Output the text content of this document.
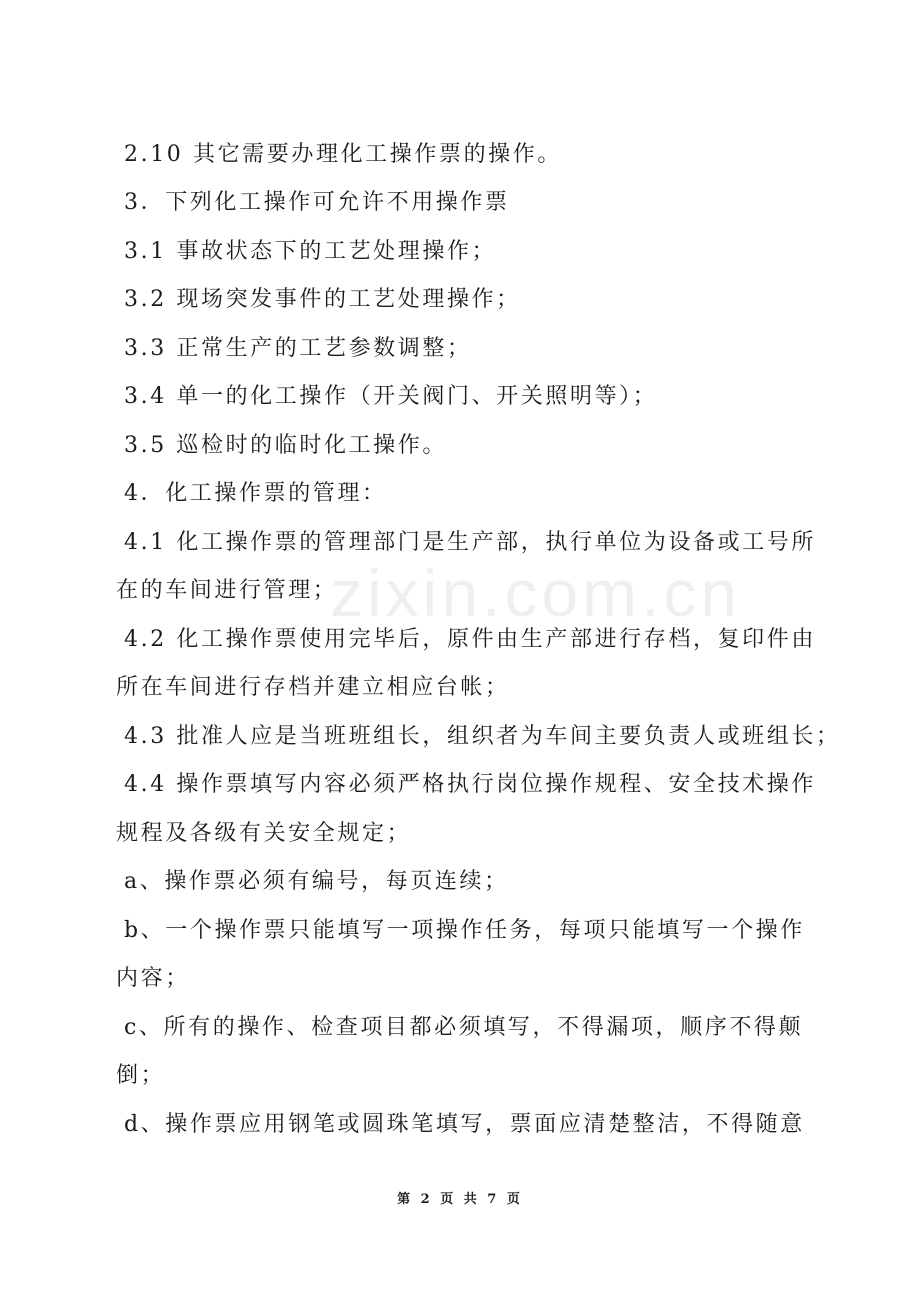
zixin.com.cn
2.10 其它需要办理化工操作票的操作。
3．下列化工操作可允许不用操作票
3.1 事故状态下的工艺处理操作；
3.2 现场突发事件的工艺处理操作；
3.3 正常生产的工艺参数调整；
3.4 单一的化工操作（开关阀门、开关照明等）；
3.5 巡检时的临时化工操作。
4．化工操作票的管理：
4.1 化工操作票的管理部门是生产部，执行单位为设备或工号所
在的车间进行管理；
4.2 化工操作票使用完毕后，原件由生产部进行存档，复印件由
所在车间进行存档并建立相应台帐；
4.3 批准人应是当班班组长，组织者为车间主要负责人或班组长；
4.4 操作票填写内容必须严格执行岗位操作规程、安全技术操作
规程及各级有关安全规定；
a、操作票必须有编号，每页连续；
b、一个操作票只能填写一项操作任务，每项只能填写一个操作
内容；
c、所有的操作、检查项目都必须填写，不得漏项，顺序不得颠
倒；
d、操作票应用钢笔或圆珠笔填写，票面应清楚整洁，不得随意
第 2 页 共 7 页
